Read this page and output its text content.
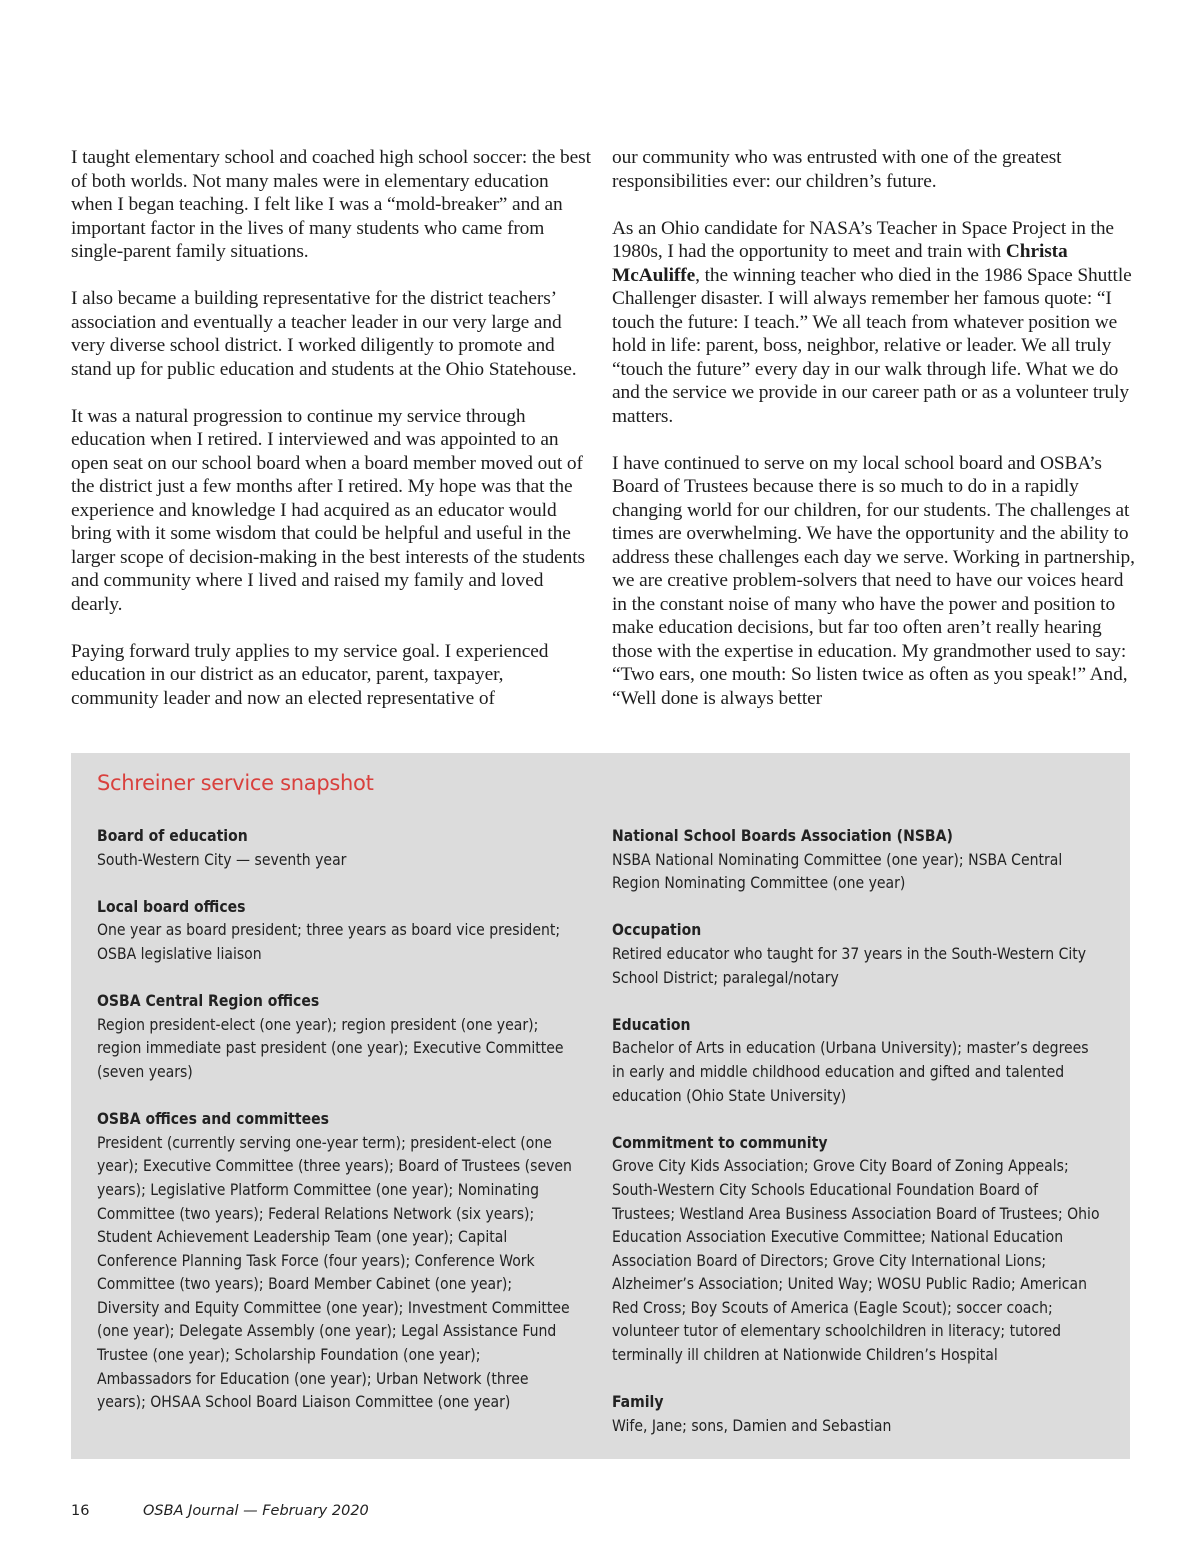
I taught elementary school and coached high school soccer: the best of both worlds. Not many males were in elementary education when I began teaching. I felt like I was a “mold-breaker” and an important factor in the lives of many students who came from single-parent family situations.

I also became a building representative for the district teachers’ association and eventually a teacher leader in our very large and very diverse school district. I worked diligently to promote and stand up for public education and students at the Ohio Statehouse.

It was a natural progression to continue my service through education when I retired. I interviewed and was appointed to an open seat on our school board when a board member moved out of the district just a few months after I retired. My hope was that the experience and knowledge I had acquired as an educator would bring with it some wisdom that could be helpful and useful in the larger scope of decision-making in the best interests of the students and community where I lived and raised my family and loved dearly.

Paying forward truly applies to my service goal. I experienced education in our district as an educator, parent, taxpayer, community leader and now an elected representative of

our community who was entrusted with one of the greatest responsibilities ever: our children’s future.

As an Ohio candidate for NASA’s Teacher in Space Project in the 1980s, I had the opportunity to meet and train with Christa McAuliffe, the winning teacher who died in the 1986 Space Shuttle Challenger disaster. I will always remember her famous quote: “I touch the future: I teach.” We all teach from whatever position we hold in life: parent, boss, neighbor, relative or leader. We all truly “touch the future” every day in our walk through life. What we do and the service we provide in our career path or as a volunteer truly matters.

I have continued to serve on my local school board and OSBA’s Board of Trustees because there is so much to do in a rapidly changing world for our children, for our students. The challenges at times are overwhelming. We have the opportunity and the ability to address these challenges each day we serve. Working in partnership, we are creative problem-solvers that need to have our voices heard in the constant noise of many who have the power and position to make education decisions, but far too often aren’t really hearing those with the expertise in education. My grandmother used to say: “Two ears, one mouth: So listen twice as often as you speak!” And, “Well done is always better

Schreiner service snapshot
Board of education
South-Western City — seventh year
Local board offices
One year as board president; three years as board vice president; OSBA legislative liaison
OSBA Central Region offices
Region president-elect (one year); region president (one year); region immediate past president (one year); Executive Committee (seven years)
OSBA offices and committees
President (currently serving one-year term); president-elect (one year); Executive Committee (three years); Board of Trustees (seven years); Legislative Platform Committee (one year); Nominating Committee (two years); Federal Relations Network (six years); Student Achievement Leadership Team (one year); Capital Conference Planning Task Force (four years); Conference Work Committee (two years); Board Member Cabinet (one year); Diversity and Equity Committee (one year); Investment Committee (one year); Delegate Assembly (one year); Legal Assistance Fund Trustee (one year); Scholarship Foundation (one year); Ambassadors for Education (one year); Urban Network (three years); OHSAA School Board Liaison Committee (one year)
National School Boards Association (NSBA)
NSBA National Nominating Committee (one year); NSBA Central Region Nominating Committee (one year)
Occupation
Retired educator who taught for 37 years in the South-Western City School District; paralegal/notary
Education
Bachelor of Arts in education (Urbana University); master’s degrees in early and middle childhood education and gifted and talented education (Ohio State University)
Commitment to community
Grove City Kids Association; Grove City Board of Zoning Appeals; South-Western City Schools Educational Foundation Board of Trustees; Westland Area Business Association Board of Trustees; Ohio Education Association Executive Committee; National Education Association Board of Directors; Grove City International Lions; Alzheimer’s Association; United Way; WOSU Public Radio; American Red Cross; Boy Scouts of America (Eagle Scout); soccer coach; volunteer tutor of elementary schoolchildren in literacy; tutored terminally ill children at Nationwide Children’s Hospital
Family
Wife, Jane; sons, Damien and Sebastian
16	OSBA Journal — February 2020
